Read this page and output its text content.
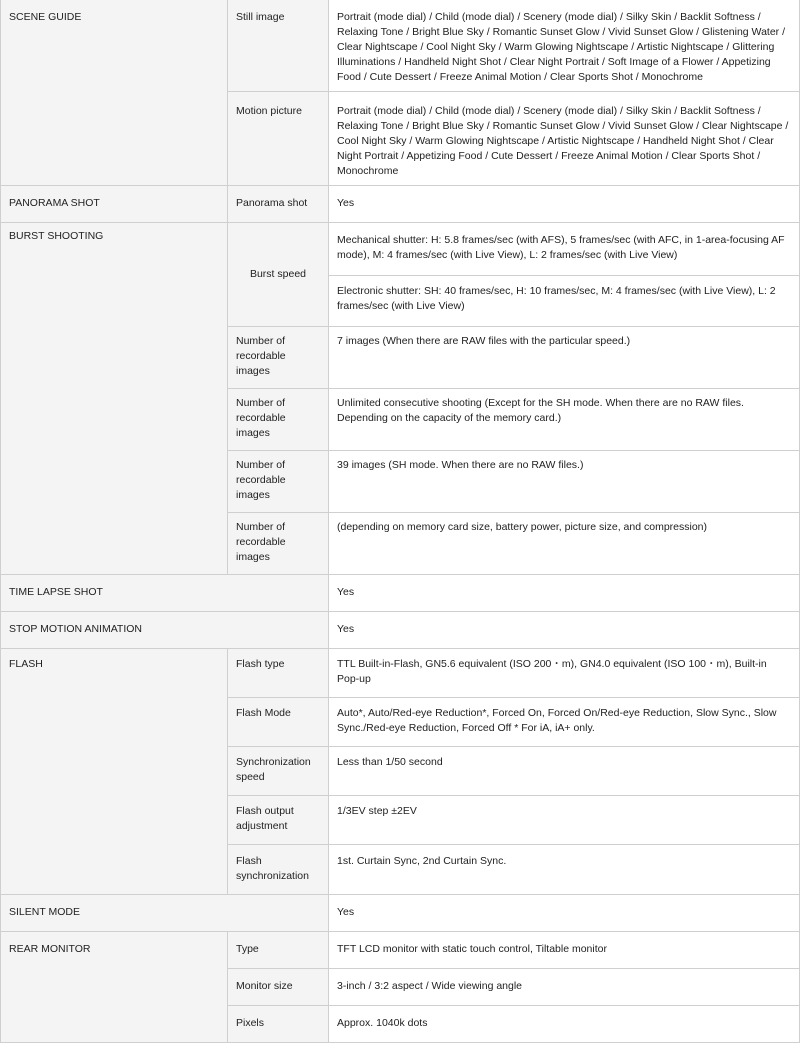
SCENE GUIDE	Still image	Portrait (mode dial) / Child (mode dial) / Scenery (mode dial) / Silky Skin / Backlit Softness / Relaxing Tone / Bright Blue Sky / Romantic Sunset Glow / Vivid Sunset Glow / Glistening Water / Clear Nightscape / Cool Night Sky / Warm Glowing Nightscape / Artistic Nightscape / Glittering Illuminations / Handheld Night Shot / Clear Night Portrait / Soft Image of a Flower / Appetizing Food / Cute Dessert / Freeze Animal Motion / Clear Sports Shot / Monochrome
	Motion picture	Portrait (mode dial) / Child (mode dial) / Scenery (mode dial) / Silky Skin / Backlit Softness / Relaxing Tone / Bright Blue Sky / Romantic Sunset Glow / Vivid Sunset Glow / Clear Nightscape / Cool Night Sky / Warm Glowing Nightscape / Artistic Nightscape / Handheld Night Shot / Clear Night Portrait / Appetizing Food / Cute Dessert / Freeze Animal Motion / Clear Sports Shot / Monochrome
PANORAMA SHOT	Panorama shot	Yes
BURST SHOOTING	Burst speed	Mechanical shutter: H: 5.8 frames/sec (with AFS), 5 frames/sec (with AFC, in 1-area-focusing AF mode), M: 4 frames/sec (with Live View), L: 2 frames/sec (with Live View)
		Electronic shutter: SH: 40 frames/sec, H: 10 frames/sec, M: 4 frames/sec (with Live View), L: 2 frames/sec (with Live View)
	Number of recordable images	7 images (When there are RAW files with the particular speed.)
	Number of recordable images	Unlimited consecutive shooting (Except for the SH mode. When there are no RAW files. Depending on the capacity of the memory card.)
	Number of recordable images	39 images (SH mode. When there are no RAW files.)
	Number of recordable images	(depending on memory card size, battery power, picture size, and compression)
TIME LAPSE SHOT		Yes
STOP MOTION ANIMATION		Yes
FLASH	Flash type	TTL Built-in-Flash, GN5.6 equivalent (ISO 200・m), GN4.0 equivalent (ISO 100・m), Built-in Pop-up
	Flash Mode	Auto*, Auto/Red-eye Reduction*, Forced On, Forced On/Red-eye Reduction, Slow Sync., Slow Sync./Red-eye Reduction, Forced Off * For iA, iA+ only.
	Synchronization speed	Less than 1/50 second
	Flash output adjustment	1/3EV step ±2EV
	Flash synchronization	1st. Curtain Sync, 2nd Curtain Sync.
SILENT MODE		Yes
REAR MONITOR	Type	TFT LCD monitor with static touch control, Tiltable monitor
	Monitor size	3-inch / 3:2 aspect / Wide viewing angle
	Pixels	Approx. 1040k dots
